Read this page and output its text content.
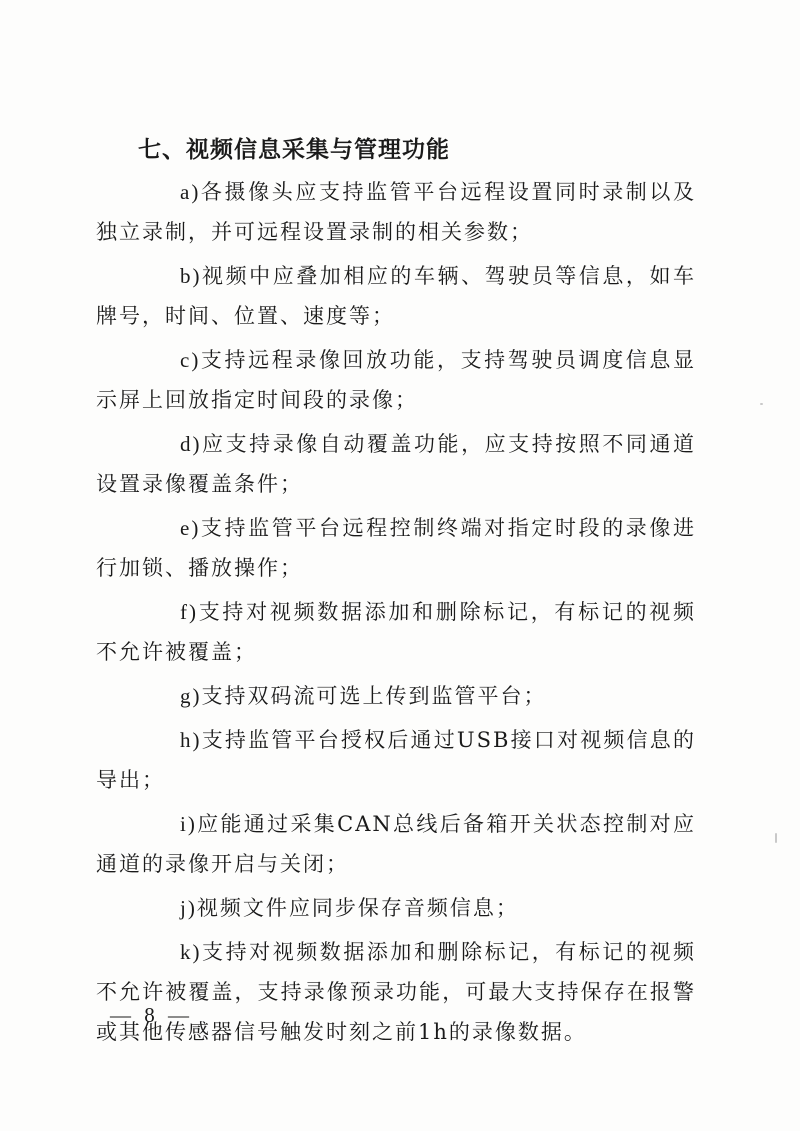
七、视频信息采集与管理功能
a)各摄像头应支持监管平台远程设置同时录制以及独立录制，并可远程设置录制的相关参数；
b)视频中应叠加相应的车辆、驾驶员等信息，如车牌号，时间、位置、速度等；
c)支持远程录像回放功能，支持驾驶员调度信息显示屏上回放指定时间段的录像；
d)应支持录像自动覆盖功能，应支持按照不同通道设置录像覆盖条件；
e)支持监管平台远程控制终端对指定时段的录像进行加锁、播放操作；
f)支持对视频数据添加和删除标记，有标记的视频不允许被覆盖；
g)支持双码流可选上传到监管平台；
h)支持监管平台授权后通过USB接口对视频信息的导出；
i)应能通过采集CAN总线后备箱开关状态控制对应通道的录像开启与关闭；
j)视频文件应同步保存音频信息；
k)支持对视频数据添加和删除标记，有标记的视频不允许被覆盖，支持录像预录功能，可最大支持保存在报警或其他传感器信号触发时刻之前1h的录像数据。
— 8 —
